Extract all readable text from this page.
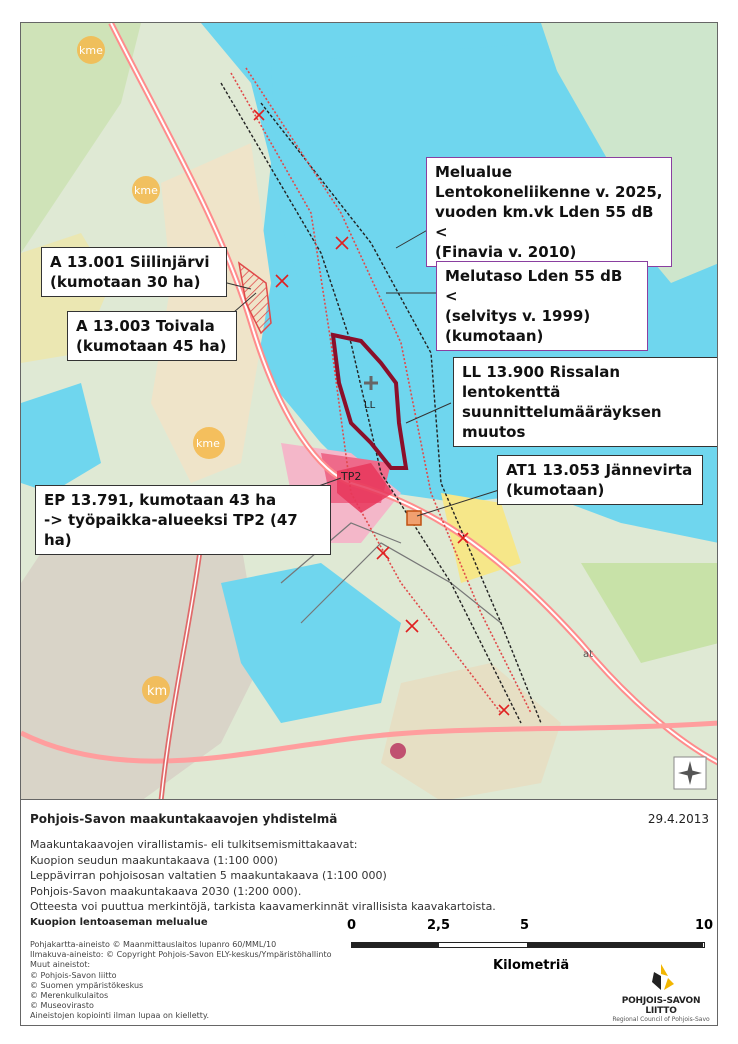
kme
kme
kme
km
LL
TP2
at
Melualue
Lentokoneliikenne v. 2025,
vuoden km.vk Lden 55 dB <
(Finavia v. 2010)
Melutaso Lden 55 dB <
(selvitys v. 1999)
(kumotaan)
A 13.001 Siilinjärvi
(kumotaan 30 ha)
A 13.003 Toivala
(kumotaan 45 ha)
LL 13.900 Rissalan lentokenttä
suunnittelumääräyksen
muutos
AT1 13.053 Jännevirta
(kumotaan)
EP 13.791, kumotaan 43 ha
-> työpaikka-alueeksi TP2 (47 ha)
Pohjois-Savon maakuntakaavojen yhdistelmä	29.4.2013
Maakuntakaavojen virallistamis- eli tulkitsemismittakaavat:
Kuopion seudun maakuntakaava (1:100 000)
Leppävirran pohjoisosan valtatien 5 maakuntakaava (1:100 000)
Pohjois-Savon maakuntakaava 2030 (1:200 000).
Otteesta voi puuttua merkintöjä, tarkista kaavamerkinnät virallisista kaavakartoista.
Kuopion lentoaseman melualue
Pohjakartta-aineisto © Maanmittauslaitos lupanro 60/MML/10
Ilmakuva-aineisto: © Copyright Pohjois-Savon ELY-keskus/Ympäristöhallinto
Muut aineistot:
© Pohjois-Savon liitto
© Suomen ympäristökeskus
© Merenkulkulaitos
© Museovirasto
Aineistojen kopiointi ilman lupaa on kielletty.
0	2,5	5	10
Kilometriä
POHJOIS-SAVON LIITTO
Regional Council of Pohjois-Savo
